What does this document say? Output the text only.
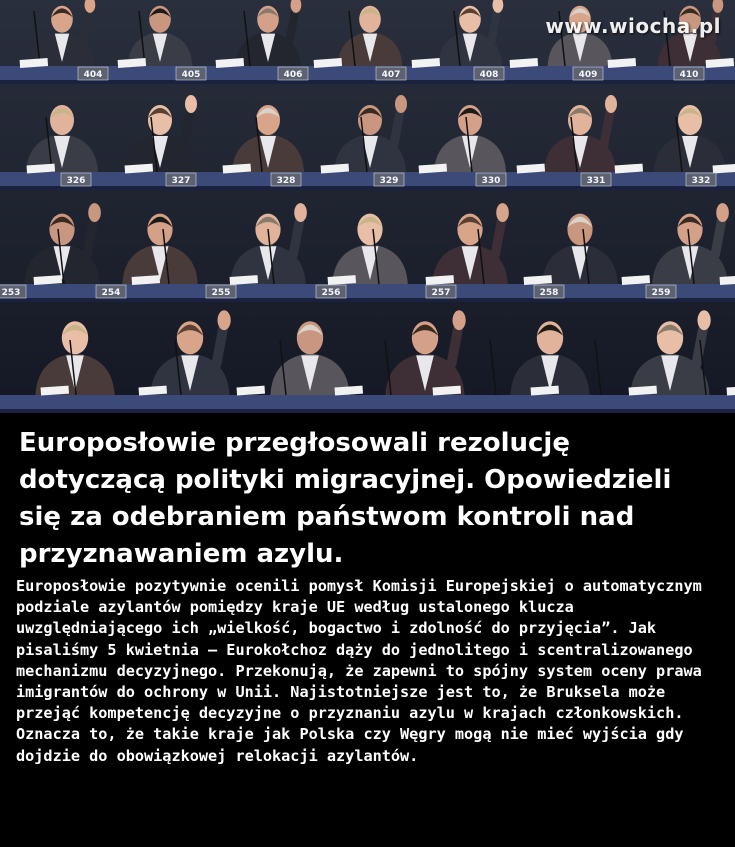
404	405	406	407	408	409	410
326	327	328	329	330	331	332
253	254	255	256	257	258	259
www.wiocha.pl
Europosłowie przegłosowali rezolucję dotyczącą polityki migracyjnej. Opowiedzieli się za odebraniem państwom kontroli nad przyznawaniem azylu.

Europosłowie pozytywnie ocenili pomysł Komisji Europejskiej o automatycznym podziale azylantów pomiędzy kraje UE według ustalonego klucza uwzględniającego ich „wielkość, bogactwo i zdolność do przyjęcia”. Jak pisaliśmy 5 kwietnia – Eurokołchoz dąży do jednolitego i scentralizowanego mechanizmu decyzyjnego. Przekonują, że zapewni to spójny system oceny prawa imigrantów do ochrony w Unii. Najistotniejsze jest to, że Bruksela może przejąć kompetencję decyzyjne o przyznaniu azylu w krajach członkowskich.

Oznacza to, że takie kraje jak Polska czy Węgry mogą nie mieć wyjścia gdy dojdzie do obowiązkowej relokacji azylantów.
